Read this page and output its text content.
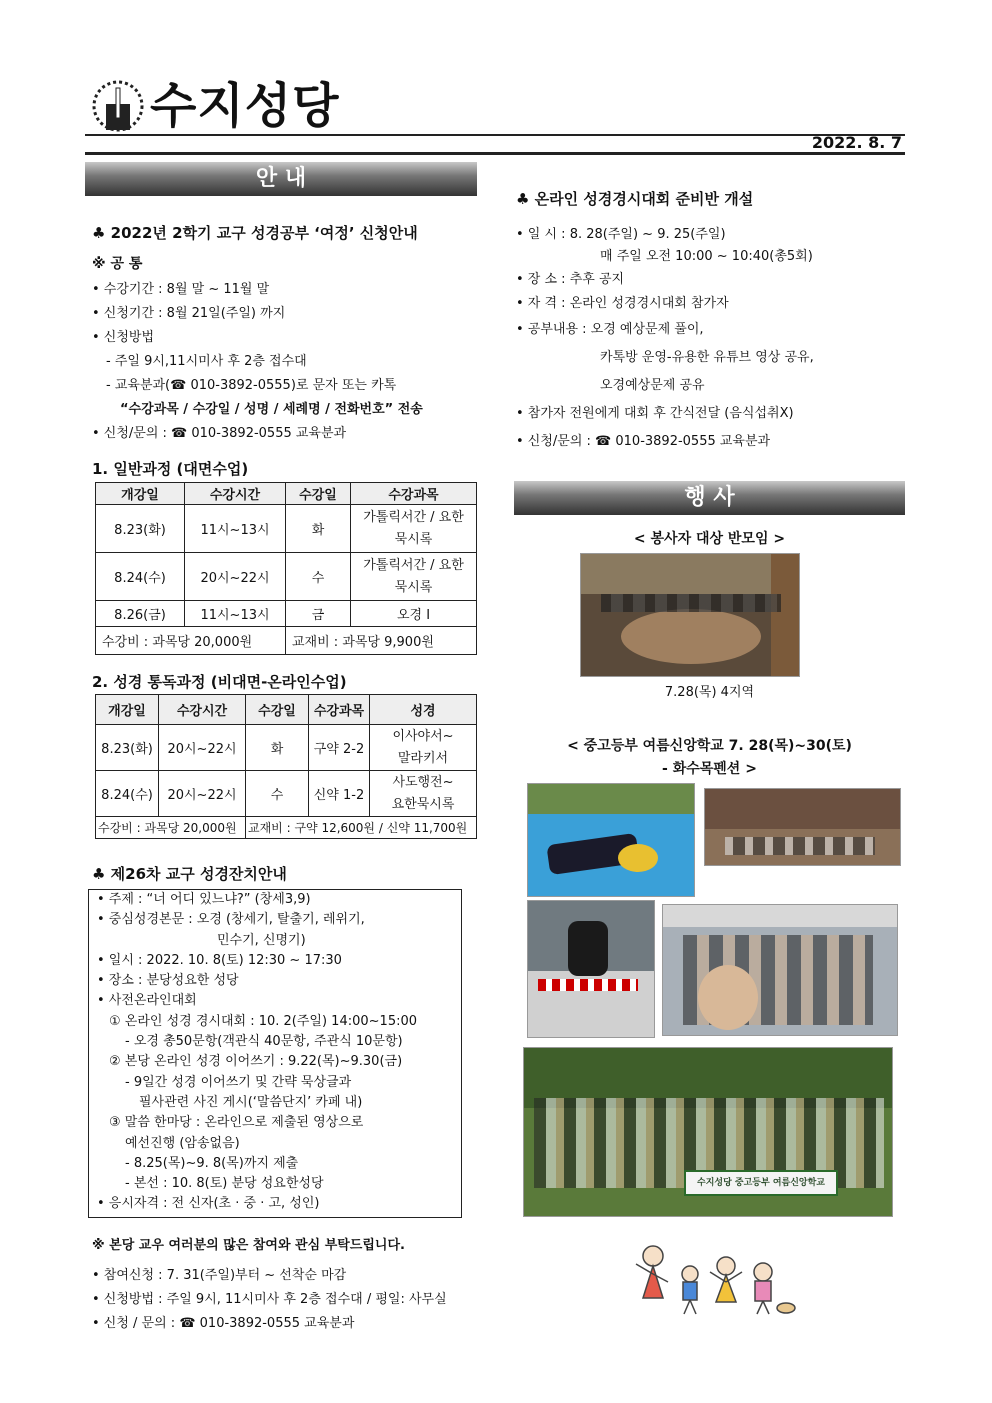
수지성당
2022. 8. 7
안 내
♣ 2022년 2학기 교구 성경공부 ‘여정’ 신청안내
※ 공 통
• 수강기간 : 8월 말 ~ 11월 말
• 신청기간 : 8월 21일(주일) 까지
• 신청방법
- 주일 9시,11시미사 후 2층 접수대
- 교육분과(☎ 010-3892-0555)로 문자 또는 카톡
“수강과목 / 수강일 / 성명 / 세례명 / 전화번호” 전송
• 신청/문의 : ☎ 010-3892-0555 교육분과
1. 일반과정 (대면수업)
개강일	수강시간	수강일	수강과목
8.23(화)	11시~13시	화	가톨릭서간 / 요한묵시록
8.24(수)	20시~22시	수	가톨릭서간 / 요한묵시록
8.26(금)	11시~13시	금	오경 Ⅰ
수강비 : 과목당 20,000원		교재비 : 과목당 9,900원	
2. 성경 통독과정 (비대면-온라인수업)
개강일	수강시간	수강일	수강과목	성경
8.23(화)	20시~22시	화	구약 2-2	이사야서~ 말라키서
8.24(수)	20시~22시	수	신약 1-2	사도행전~ 요한묵시록
수강비 : 과목당 20,000원		교재비 : 구약 12,600원 / 신약 11,700원		
♣ 제26차 교구 성경잔치안내
• 주제 : “너 어디 있느냐?” (창세3,9)
• 중심성경본문 : 오경 (창세기, 탈출기, 레위기,
민수기, 신명기)
• 일시 : 2022. 10. 8(토) 12:30 ~ 17:30
• 장소 : 분당성요한 성당
• 사전온라인대회
① 온라인 성경 경시대회 : 10. 2(주일) 14:00~15:00
- 오경 총50문항(객관식 40문항, 주관식 10문항)
② 본당 온라인 성경 이어쓰기 : 9.22(목)~9.30(금)
- 9일간 성경 이어쓰기 및 간략 묵상글과
필사관련 사진 게시(‘말씀단지’ 카페 내)
③ 말씀 한마당 : 온라인으로 제출된 영상으로
예선진행 (암송없음)
- 8.25(목)~9. 8(목)까지 제출
- 본선 : 10. 8(토) 분당 성요한성당
• 응시자격 : 전 신자(초 · 중 · 고, 성인)
※ 본당 교우 여러분의 많은 참여와 관심 부탁드립니다.
• 참여신청 : 7. 31(주일)부터 ~ 선착순 마감
• 신청방법 : 주일 9시, 11시미사 후 2층 접수대 / 평일: 사무실
• 신청 / 문의 : ☎ 010-3892-0555 교육분과
♣ 온라인 성경경시대회 준비반 개설
• 일 시 : 8. 28(주일) ~ 9. 25(주일)
매 주일 오전 10:00 ~ 10:40(총5회)
• 장 소 : 추후 공지
• 자 격 : 온라인 성경경시대회 참가자
• 공부내용 : 오경 예상문제 풀이,
카톡방 운영-유용한 유튜브 영상 공유,
오경예상문제 공유
• 참가자 전원에게 대회 후 간식전달 (음식섭취X)
• 신청/문의 : ☎ 010-3892-0555 교육분과
행 사
< 봉사자 대상 반모임 >
7.28(목) 4지역
< 중고등부 여름신앙학교 7. 28(목)~30(토)
- 화수목펜션 >
수지성당 중고등부 여름신앙학교
